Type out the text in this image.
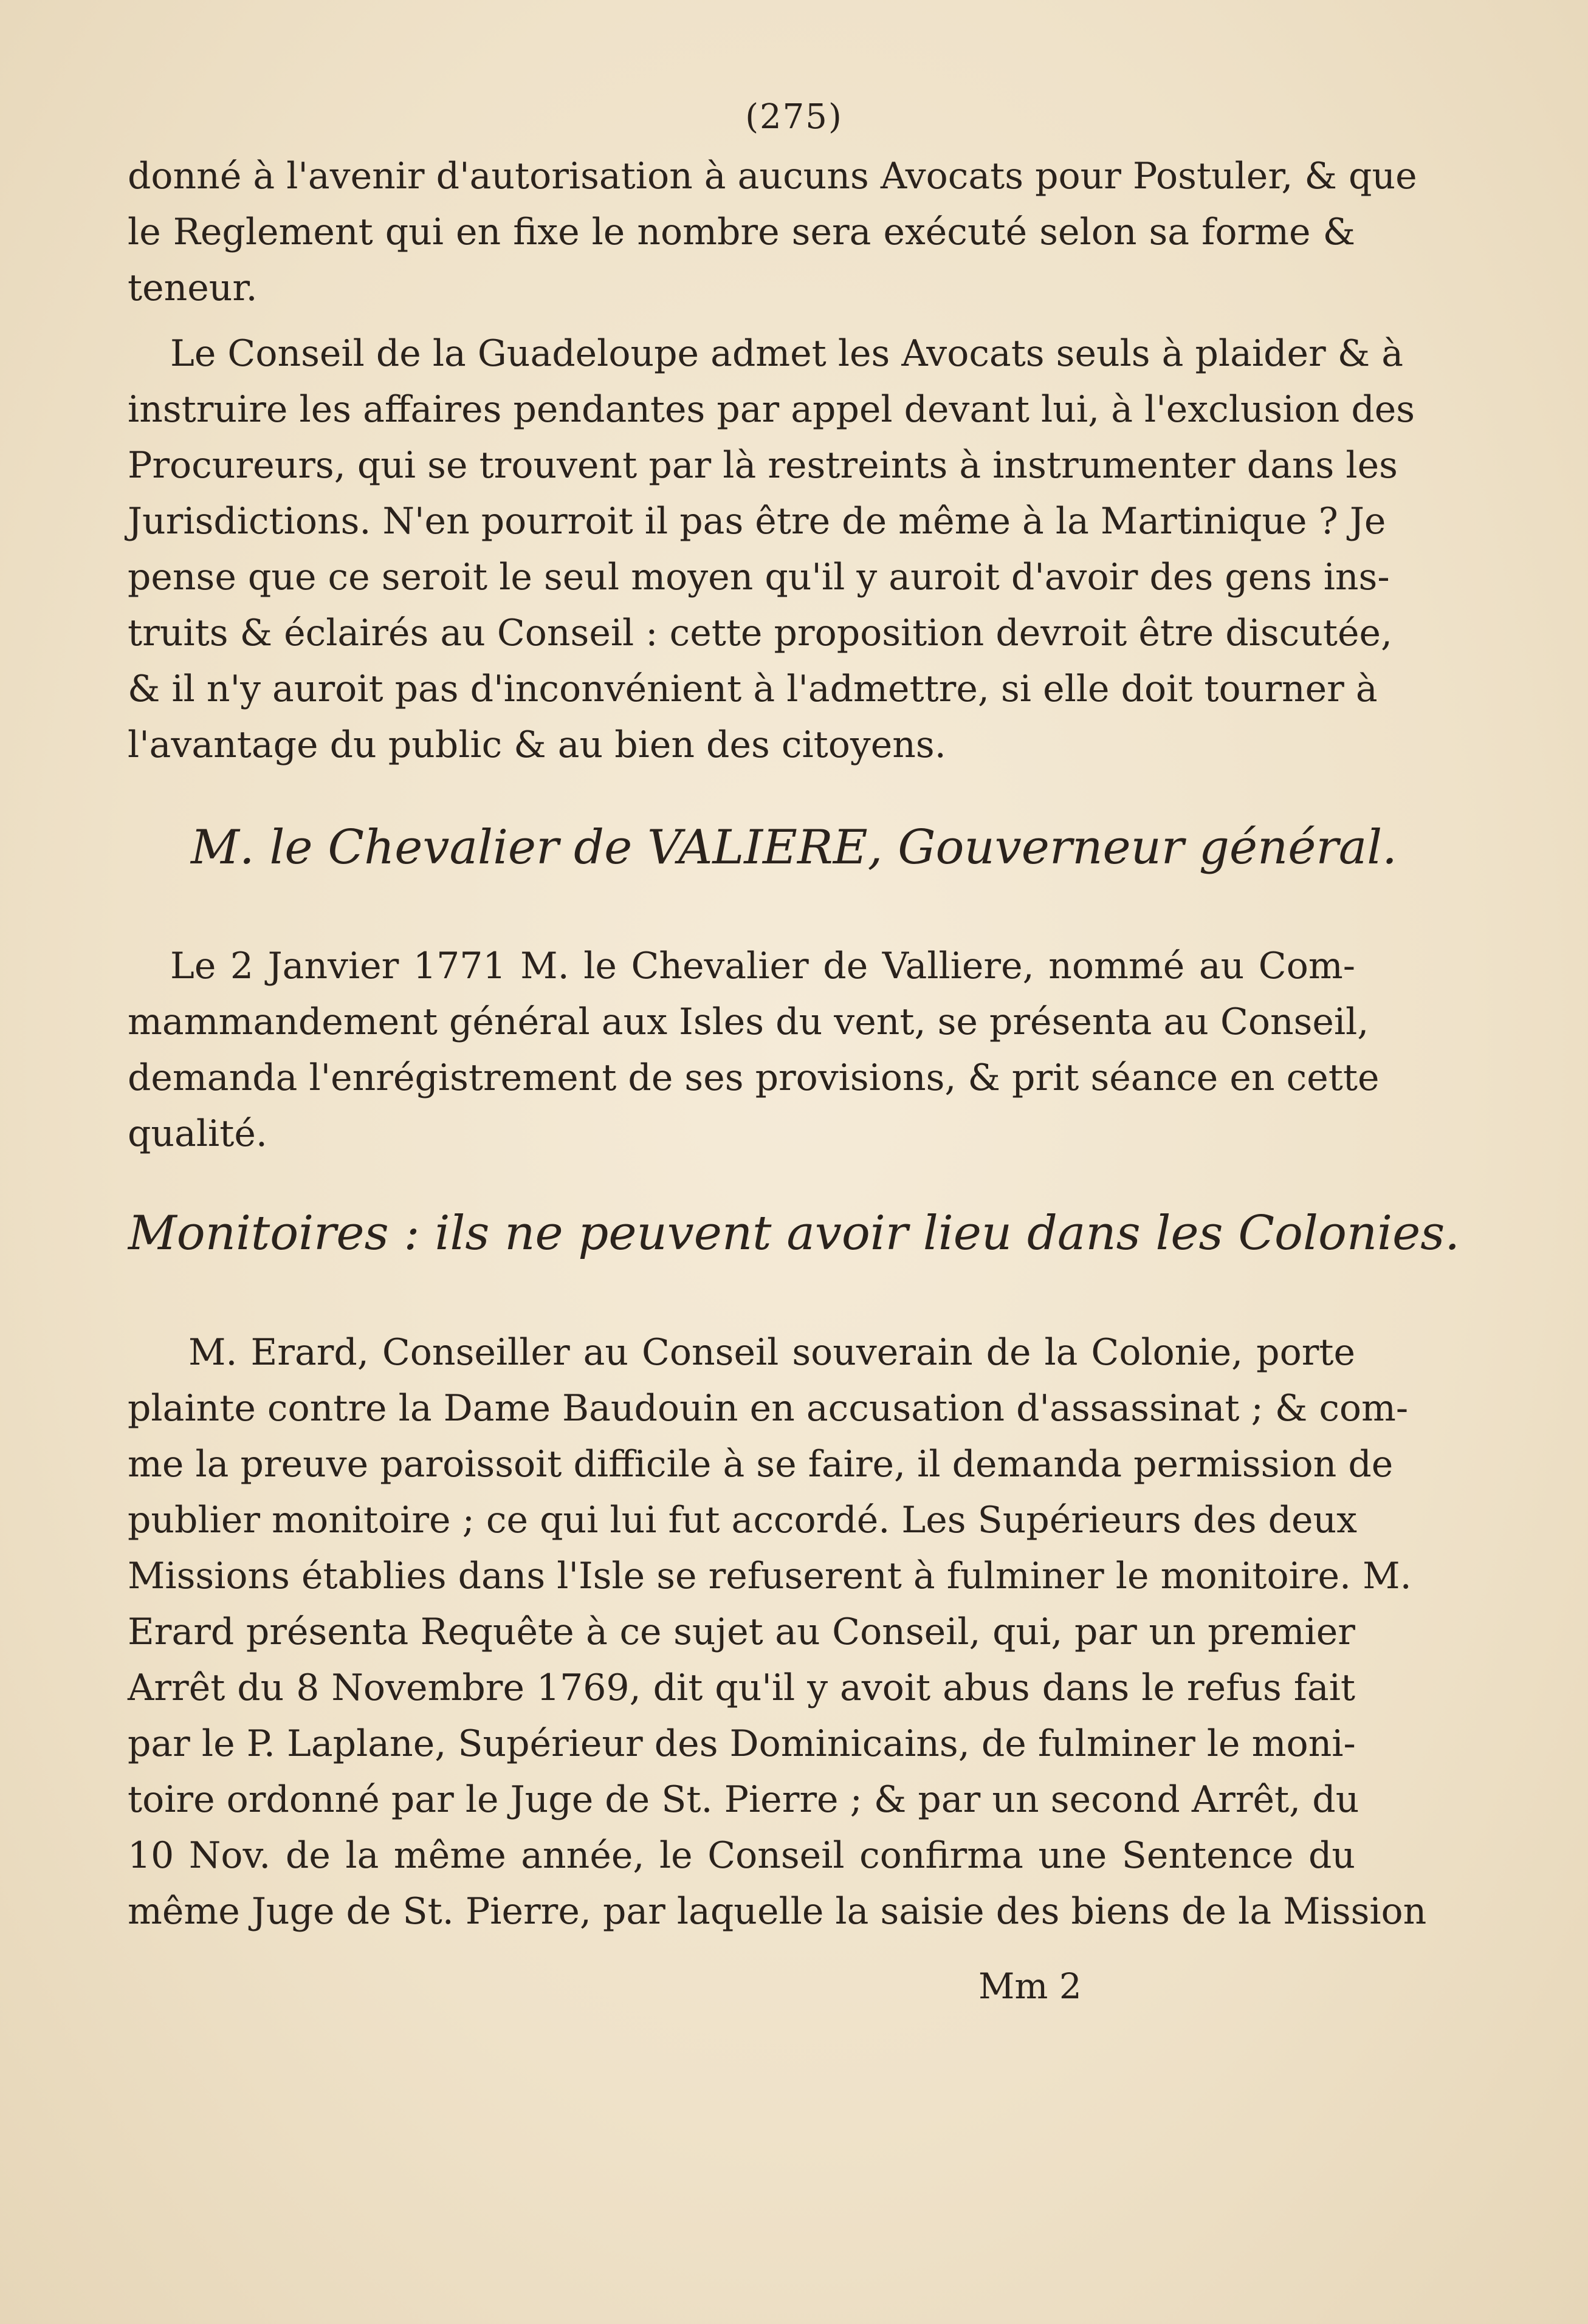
(275)
donné à l'avenir d'autorisation à aucuns Avocats pour Postuler, & que
le Reglement qui en fixe le nombre sera exécuté selon sa forme &
teneur.
Le Conseil de la Guadeloupe admet les Avocats seuls à plaider & à
instruire les affaires pendantes par appel devant lui, à l'exclusion des
Procureurs, qui se trouvent par là restreints à instrumenter dans les
Jurisdictions. N'en pourroit il pas être de même à la Martinique ? Je
pense que ce seroit le seul moyen qu'il y auroit d'avoir des gens ins-
truits & éclairés au Conseil : cette proposition devroit être discutée,
& il n'y auroit pas d'inconvénient à l'admettre, si elle doit tourner à
l'avantage du public & au bien des citoyens.
M. le Chevalier de VALIERE, Gouverneur général.
Le 2 Janvier 1771 M. le Chevalier de Valliere, nommé au Com-
mammandement général aux Isles du vent, se présenta au Conseil,
demanda l'enrégistrement de ses provisions, & prit séance en cette
qualité.
Monitoires : ils ne peuvent avoir lieu dans les Colonies.
M. Erard, Conseiller au Conseil souverain de la Colonie, porte
plainte contre la Dame Baudouin en accusation d'assassinat ; & com-
me la preuve paroissoit difficile à se faire, il demanda permission de
publier monitoire ; ce qui lui fut accordé. Les Supérieurs des deux
Missions établies dans l'Isle se refuserent à fulminer le monitoire. M.
Erard présenta Requête à ce sujet au Conseil, qui, par un premier
Arrêt du 8 Novembre 1769, dit qu'il y avoit abus dans le refus fait
par le P. Laplane, Supérieur des Dominicains, de fulminer le moni-
toire ordonné par le Juge de St. Pierre ; & par un second Arrêt, du
10 Nov. de la même année, le Conseil confirma une Sentence du
même Juge de St. Pierre, par laquelle la saisie des biens de la Mission
Mm 2
